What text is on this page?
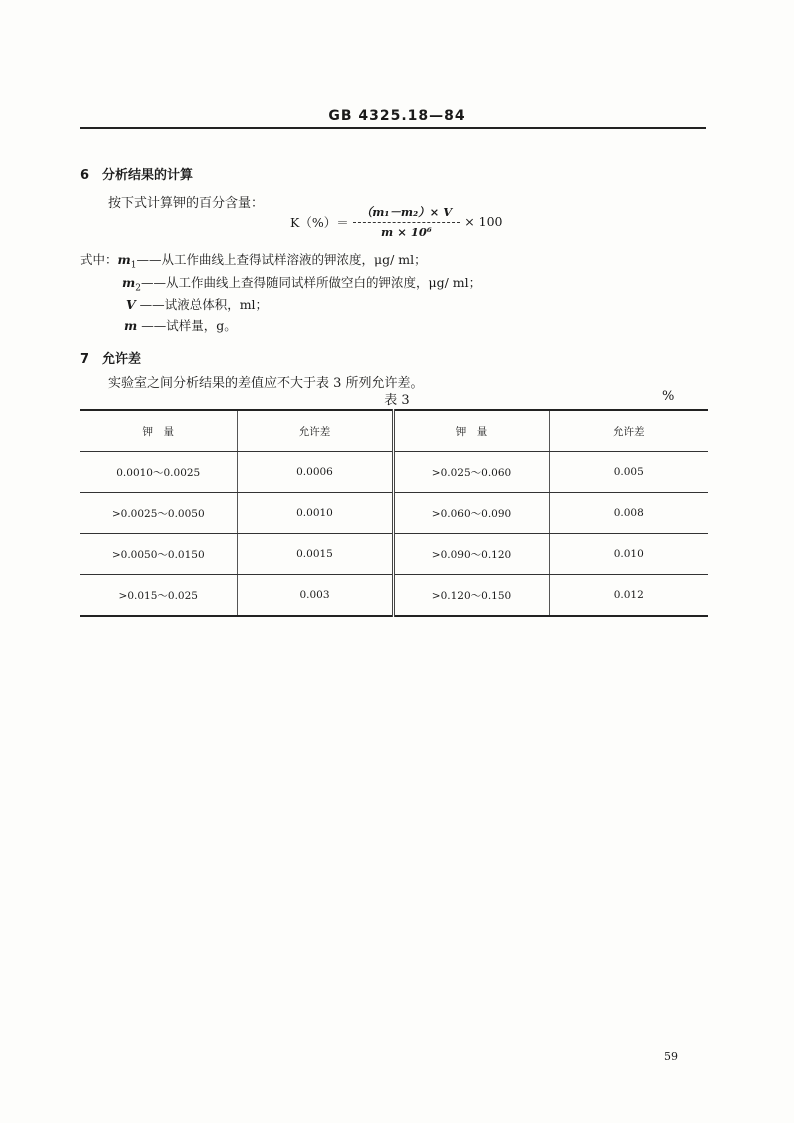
GB 4325.18—84
6 分析结果的计算
按下式计算钾的百分含量：
$K(\%)= \frac{\text{（m₁－m₂）× V}}{\text{m × 10⁶}} \times 100$
式中：$m_1——$从工作曲线上查得试样溶液的钾浓度，μg/ ml；
$m_2——$从工作曲线上查得随同试样所做空白的钾浓度，μg/ ml；
V ——试液总体积，ml；
m ——试样量，g。
7 允许差
实验室之间分析结果的差值应不大于表 3 所列允许差。
表 3	%
钾　量	允许差	钾　量	允许差
0.0010～0.0025	0.0006	>0.025～0.060	0.005
>0.0025～0.0050	0.0010	>0.060～0.090	0.008
>0.0050～0.0150	0.0015	>0.090～0.120	0.010
>0.015～0.025	0.003	>0.120～0.150	0.012
59
